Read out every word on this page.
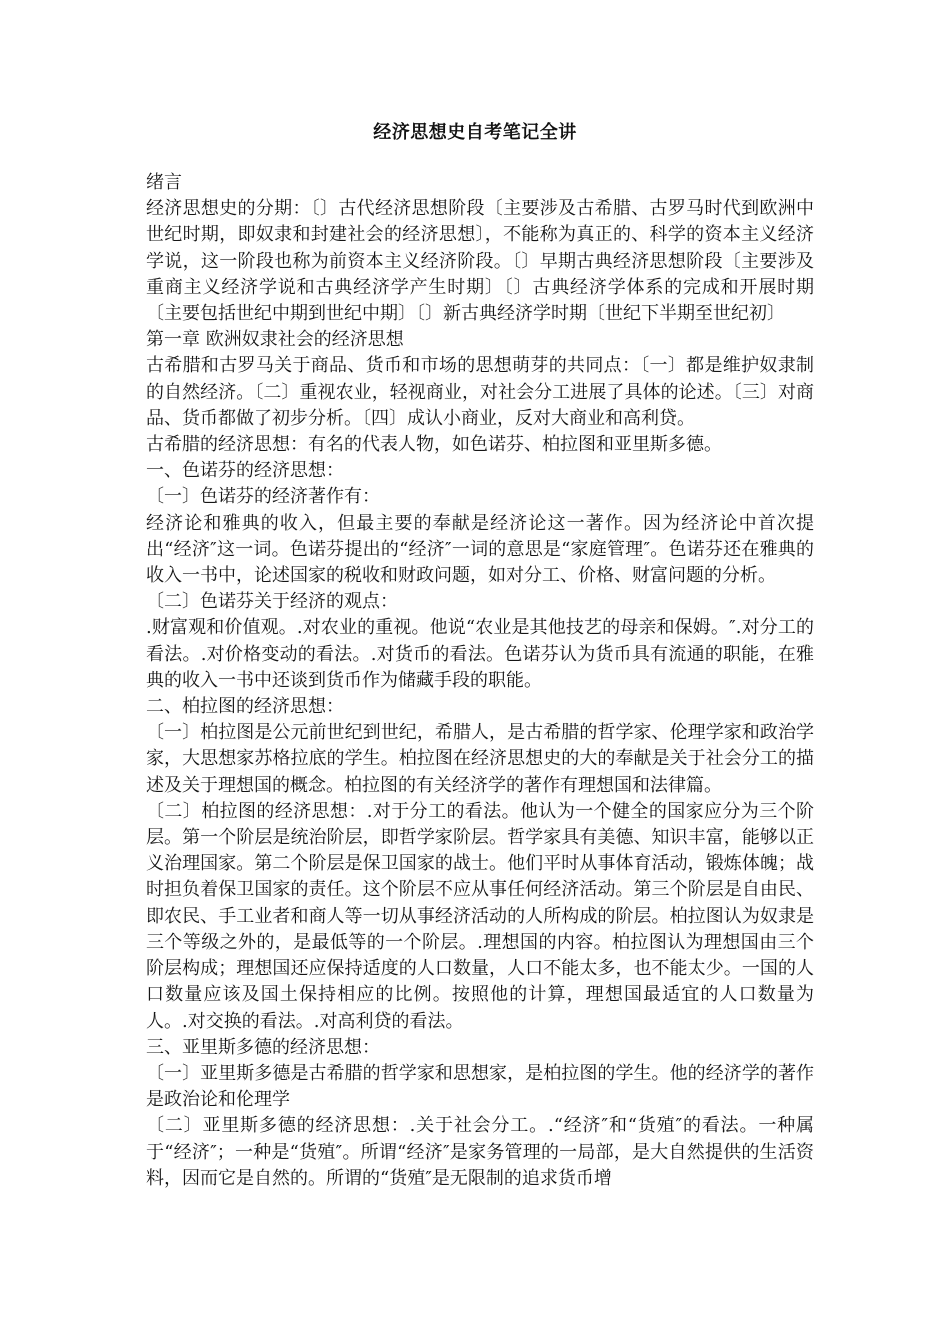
经济思想史自考笔记全讲

绪言

经济思想史的分期：〔〕古代经济思想阶段〔主要涉及古希腊、古罗马时代到欧洲中世纪时期，即奴隶和封建社会的经济思想〕，不能称为真正的、科学的资本主义经济学说，这一阶段也称为前资本主义经济阶段。〔〕早期古典经济思想阶段〔主要涉及重商主义经济学说和古典经济学产生时期〕〔〕古典经济学体系的完成和开展时期〔主要包括世纪中期到世纪中期〕〔〕新古典经济学时期〔世纪下半期至世纪初〕

第一章 欧洲奴隶社会的经济思想

古希腊和古罗马关于商品、货币和市场的思想萌芽的共同点：〔一〕都是维护奴隶制的自然经济。〔二〕重视农业，轻视商业，对社会分工进展了具体的论述。〔三〕对商品、货币都做了初步分析。〔四〕成认小商业，反对大商业和高利贷。

古希腊的经济思想：有名的代表人物，如色诺芬、柏拉图和亚里斯多德。

一、色诺芬的经济思想：

〔一〕色诺芬的经济著作有：

经济论和雅典的收入，但最主要的奉献是经济论这一著作。因为经济论中首次提出“经济″这一词。色诺芬提出的“经济″一词的意思是“家庭管理″。色诺芬还在雅典的收入一书中，论述国家的税收和财政问题，如对分工、价格、财富问题的分析。

〔二〕色诺芬关于经济的观点：

.财富观和价值观。.对农业的重视。他说“农业是其他技艺的母亲和保姆。″.对分工的看法。.对价格变动的看法。.对货币的看法。色诺芬认为货币具有流通的职能，在雅典的收入一书中还谈到货币作为储藏手段的职能。

二、柏拉图的经济思想：

〔一〕柏拉图是公元前世纪到世纪，希腊人，是古希腊的哲学家、伦理学家和政治学家，大思想家苏格拉底的学生。柏拉图在经济思想史的大的奉献是关于社会分工的描述及关于理想国的概念。柏拉图的有关经济学的著作有理想国和法律篇。

〔二〕柏拉图的经济思想：.对于分工的看法。他认为一个健全的国家应分为三个阶层。第一个阶层是统治阶层，即哲学家阶层。哲学家具有美德、知识丰富，能够以正义治理国家。第二个阶层是保卫国家的战士。他们平时从事体育活动，锻炼体魄；战时担负着保卫国家的责任。这个阶层不应从事任何经济活动。第三个阶层是自由民、即农民、手工业者和商人等一切从事经济活动的人所构成的阶层。柏拉图认为奴隶是三个等级之外的，是最低等的一个阶层。.理想国的内容。柏拉图认为理想国由三个阶层构成；理想国还应保持适度的人口数量，人口不能太多，也不能太少。一国的人口数量应该及国土保持相应的比例。按照他的计算，理想国最适宜的人口数量为人。.对交换的看法。.对高利贷的看法。

三、亚里斯多德的经济思想：

〔一〕亚里斯多德是古希腊的哲学家和思想家，是柏拉图的学生。他的经济学的著作是政治论和伦理学

〔二〕亚里斯多德的经济思想：.关于社会分工。.“经济″和“货殖″的看法。一种属于“经济″；一种是“货殖″。所谓“经济″是家务管理的一局部，是大自然提供的生活资料，因而它是自然的。所谓的“货殖″是无限制的追求货币增
